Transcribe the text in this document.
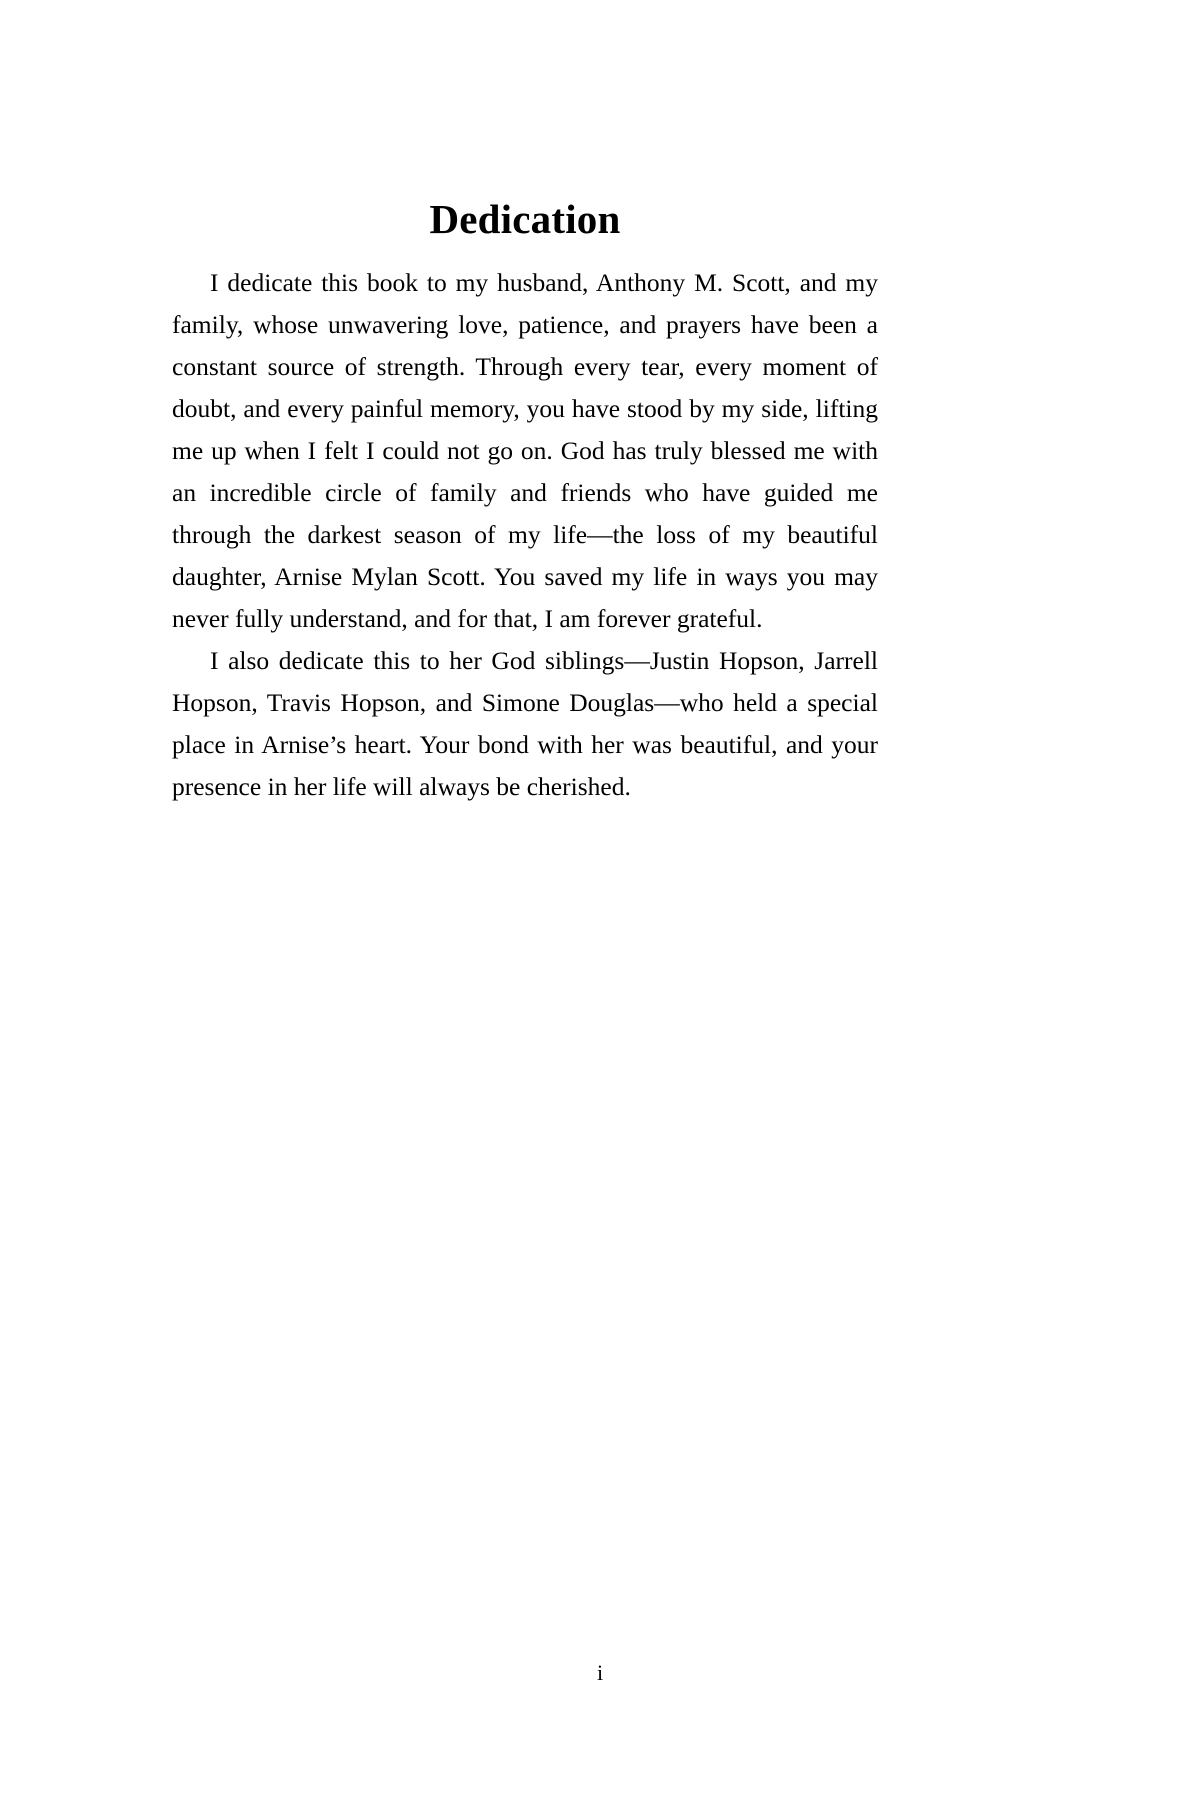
Dedication

I dedicate this book to my husband, Anthony M. Scott, and my family, whose unwavering love, patience, and prayers have been a constant source of strength. Through every tear, every moment of doubt, and every painful memory, you have stood by my side, lifting me up when I felt I could not go on. God has truly blessed me with an incredible circle of family and friends who have guided me through the darkest season of my life—the loss of my beautiful daughter, Arnise Mylan Scott. You saved my life in ways you may never fully understand, and for that, I am forever grateful.

I also dedicate this to her God siblings—Justin Hopson, Jarrell Hopson, Travis Hopson, and Simone Douglas—who held a special place in Arnise’s heart. Your bond with her was beautiful, and your presence in her life will always be cherished.

i
